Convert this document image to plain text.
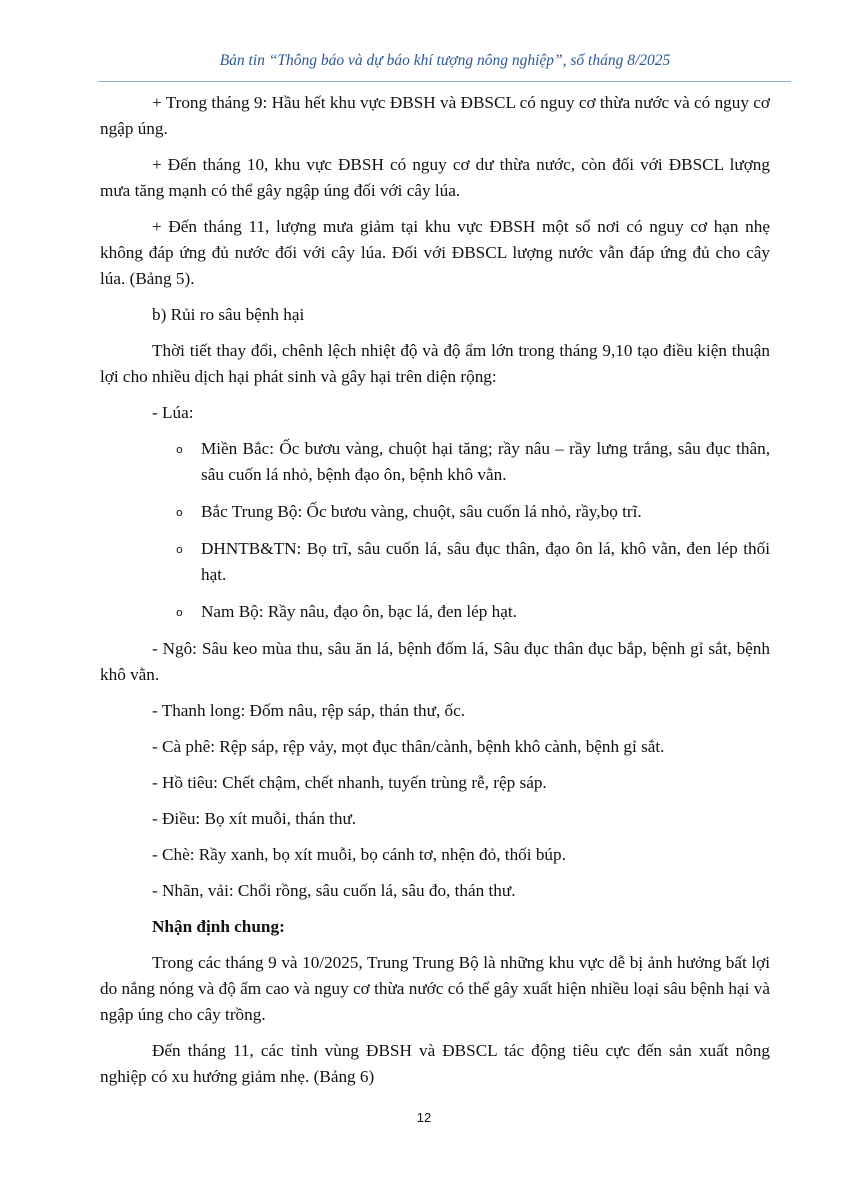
Bản tin “Thông báo và dự báo khí tượng nông nghiệp”, số tháng 8/2025

+ Trong tháng 9: Hầu hết khu vực ĐBSH và ĐBSCL có nguy cơ thừa nước và có nguy cơ ngập úng.

+ Đến tháng 10, khu vực ĐBSH có nguy cơ dư thừa nước, còn đối với ĐBSCL lượng mưa tăng mạnh có thể gây ngập úng đối với cây lúa.

+ Đến tháng 11, lượng mưa giảm tại khu vực ĐBSH một số nơi có nguy cơ hạn nhẹ không đáp ứng đủ nước đối với cây lúa. Đối với ĐBSCL lượng nước vẫn đáp ứng đủ cho cây lúa. (Bảng 5).

b) Rủi ro sâu bệnh hại

Thời tiết thay đổi, chênh lệch nhiệt độ và độ ẩm lớn trong tháng 9,10 tạo điều kiện thuận lợi cho nhiều dịch hại phát sinh và gây hại trên diện rộng:

- Lúa:

o Miền Bắc: Ốc bươu vàng, chuột hại tăng; rầy nâu – rầy lưng trắng, sâu đục thân, sâu cuốn lá nhỏ, bệnh đạo ôn, bệnh khô vằn.
o Bắc Trung Bộ: Ốc bươu vàng, chuột, sâu cuốn lá nhỏ, rầy,bọ trĩ.
o DHNTB&TN: Bọ trĩ, sâu cuốn lá, sâu đục thân, đạo ôn lá, khô vằn, đen lép thối hạt.
o Nam Bộ: Rầy nâu, đạo ôn, bạc lá, đen lép hạt.

- Ngô: Sâu keo mùa thu, sâu ăn lá, bệnh đốm lá, Sâu đục thân đục bắp, bệnh gỉ sắt, bệnh khô vằn.

- Thanh long: Đốm nâu, rệp sáp, thán thư, ốc.

- Cà phê: Rệp sáp, rệp vảy, mọt đục thân/cành, bệnh khô cành, bệnh gỉ sắt.

- Hồ tiêu: Chết chậm, chết nhanh, tuyến trùng rễ, rệp sáp.

- Điều: Bọ xít muỗi, thán thư.

- Chè: Rầy xanh, bọ xít muỗi, bọ cánh tơ, nhện đỏ, thối búp.

- Nhãn, vải: Chổi rồng, sâu cuốn lá, sâu đo, thán thư.

Nhận định chung:

Trong các tháng 9 và 10/2025, Trung Trung Bộ là những khu vực dễ bị ảnh hưởng bất lợi do nắng nóng và độ ẩm cao và nguy cơ thừa nước có thể gây xuất hiện nhiều loại sâu bệnh hại và ngập úng cho cây trồng.

Đến tháng 11, các tỉnh vùng ĐBSH và ĐBSCL tác động tiêu cực đến sản xuất nông nghiệp có xu hướng giảm nhẹ. (Bảng 6)

12
